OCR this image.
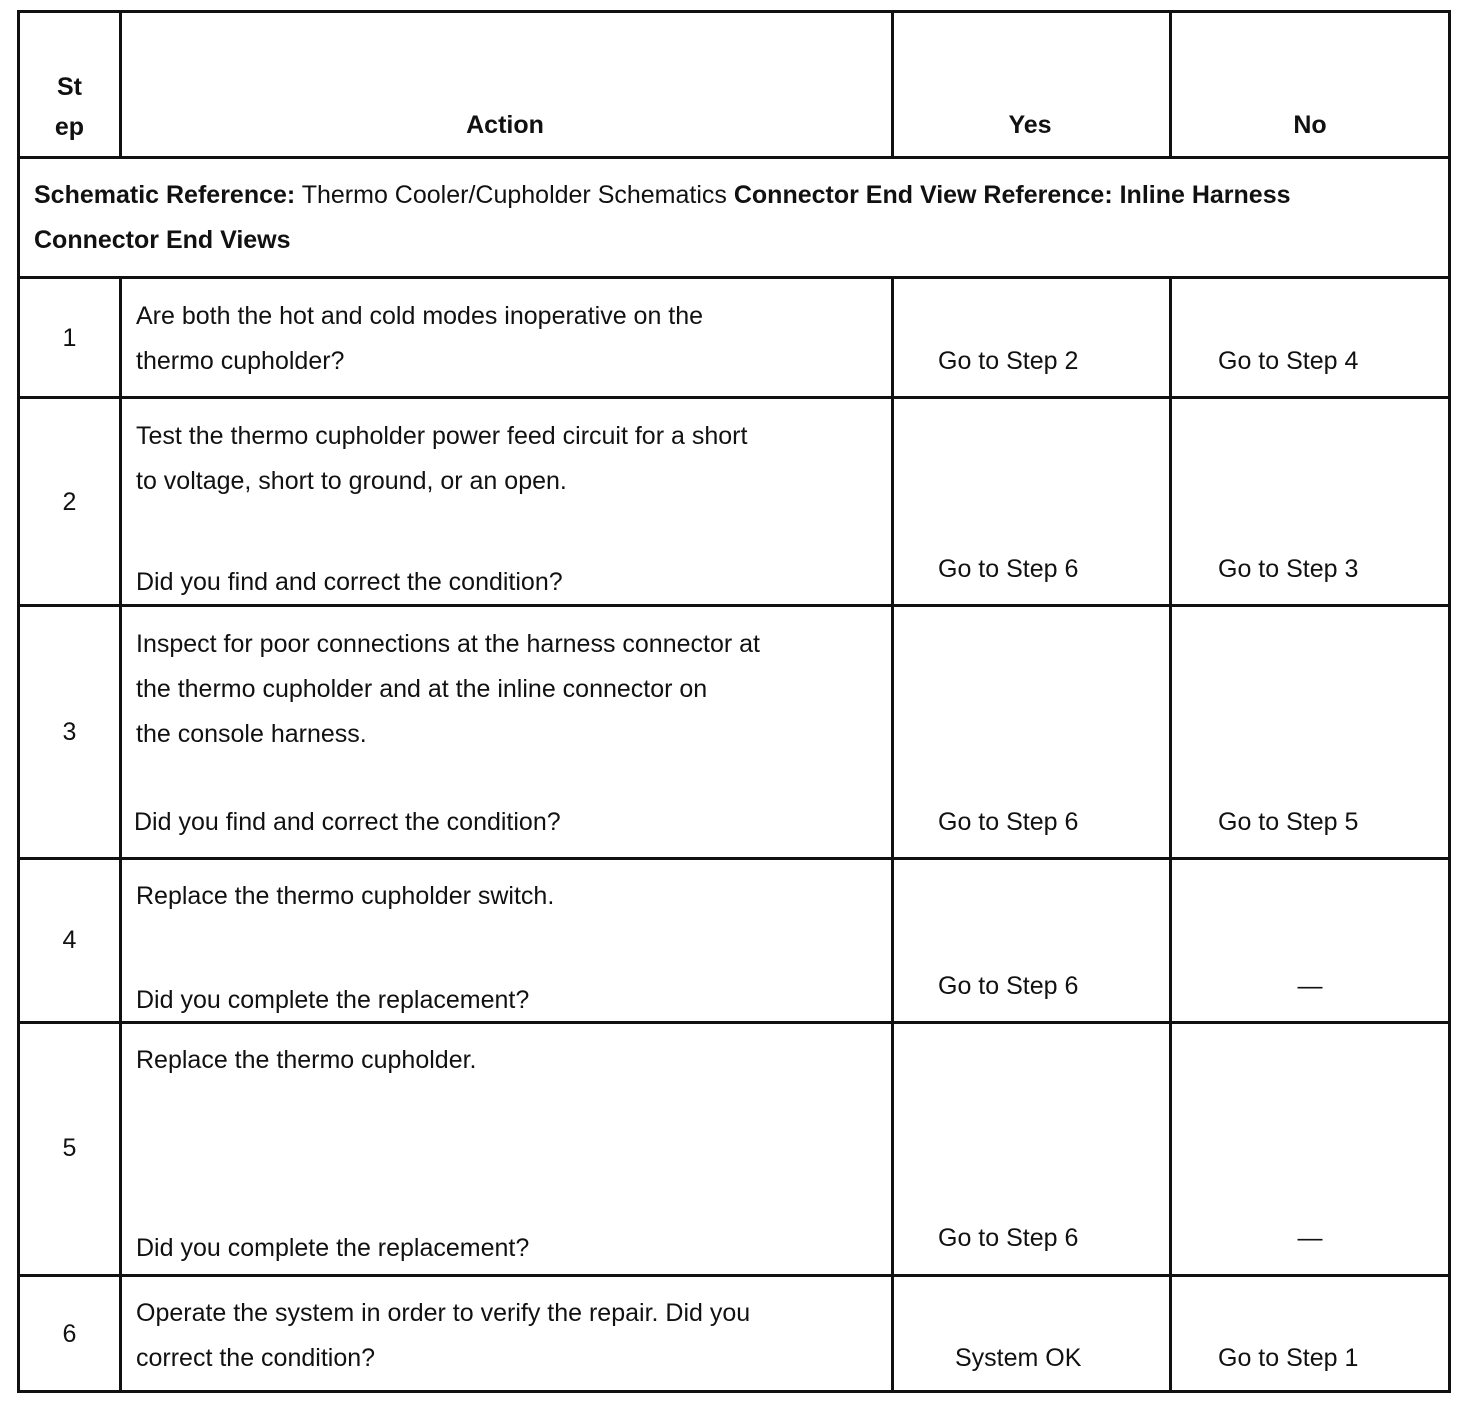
St
ep	Action	Yes	No
Schematic Reference: Thermo Cooler/Cupholder Schematics Connector End View Reference: Inline Harness Connector End Views
1
Are both the hot and cold modes inoperative on the
thermo cupholder?	Go to Step 2	Go to Step 4
2
Test the thermo cupholder power feed circuit for a short
to voltage, short to ground, or an open.
Did you find and correct the condition?	Go to Step 6	Go to Step 3
3
Inspect for poor connections at the harness connector at
the thermo cupholder and at the inline connector on
the console harness.
Did you find and correct the condition?	Go to Step 6	Go to Step 5
4
Replace the thermo cupholder switch.
Did you complete the replacement?	Go to Step 6	—
5
Replace the thermo cupholder.
Did you complete the replacement?	Go to Step 6	—
6
Operate the system in order to verify the repair. Did you
correct the condition?	System OK	Go to Step 1
